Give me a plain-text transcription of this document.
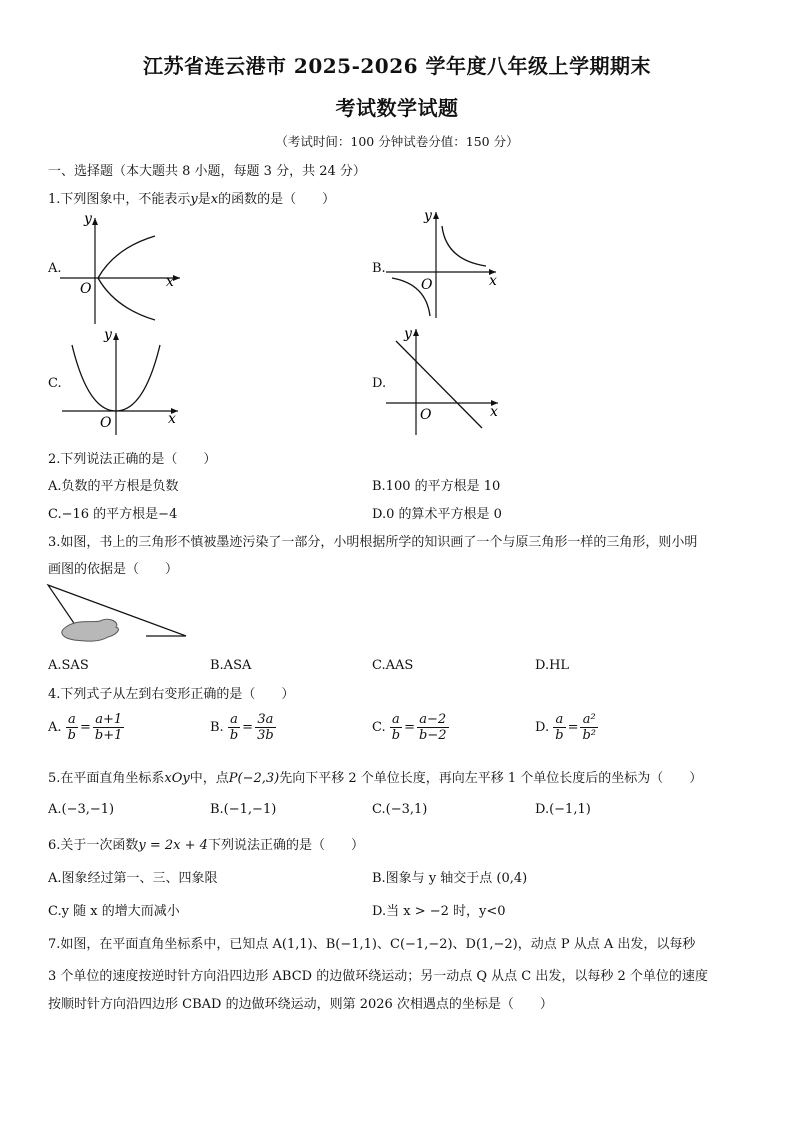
江苏省连云港市 2025-2026 学年度八年级上学期期末
考试数学试题
（考试时间：100 分钟试卷分值：150 分）
一、选择题（本大题共 8 小题，每题 3 分，共 24 分）
1.下列图象中，不能表示y是x的函数的是（　　）
A.
y
x
O
B.
y
x
O
C.
y
x
O
D.
y
x
O
2.下列说法正确的是（　　）
A.负数的平方根是负数	B.100 的平方根是 10
C.−16 的平方根是−4	D.0 的算术平方根是 0
3.如图，书上的三角形不慎被墨迹污染了一部分，小明根据所学的知识画了一个与原三角形一样的三角形，则小明
画图的依据是（　　）
A.SAS	B.ASA	C.AAS	D.HL
4.下列式子从左到右变形正确的是（　　）
A. $\frac{a}{b} = \frac{a+1}{b+1}$	B. $\frac{a}{b} = \frac{3a}{3b}$	C. $\frac{a}{b} = \frac{a-2}{b-2}$	D. $\frac{a}{b} = \frac{\text{a²}}{\text{b²}}$
5.在平面直角坐标系xOy中，点P(−2,3)先向下平移 2 个单位长度，再向左平移 1 个单位长度后的坐标为（　　）
A.(−3,−1)	B.(−1,−1)	C.(−3,1)	D.(−1,1)
6.关于一次函数y = 2x + 4下列说法正确的是（　　）
A.图象经过第一、三、四象限	B.图象与 y 轴交于点 (0,4)
C.y 随 x 的增大而减小	D.当 x > −2 时，y<0
7.如图，在平面直角坐标系中，已知点 A(1,1)、B(−1,1)、C(−1,−2)、D(1,−2)，动点 P 从点 A 出发，以每秒
3 个单位的速度按逆时针方向沿四边形 ABCD 的边做环绕运动；另一动点 Q 从点 C 出发，以每秒 2 个单位的速度
按顺时针方向沿四边形 CBAD 的边做环绕运动，则第 2026 次相遇点的坐标是（　　）
